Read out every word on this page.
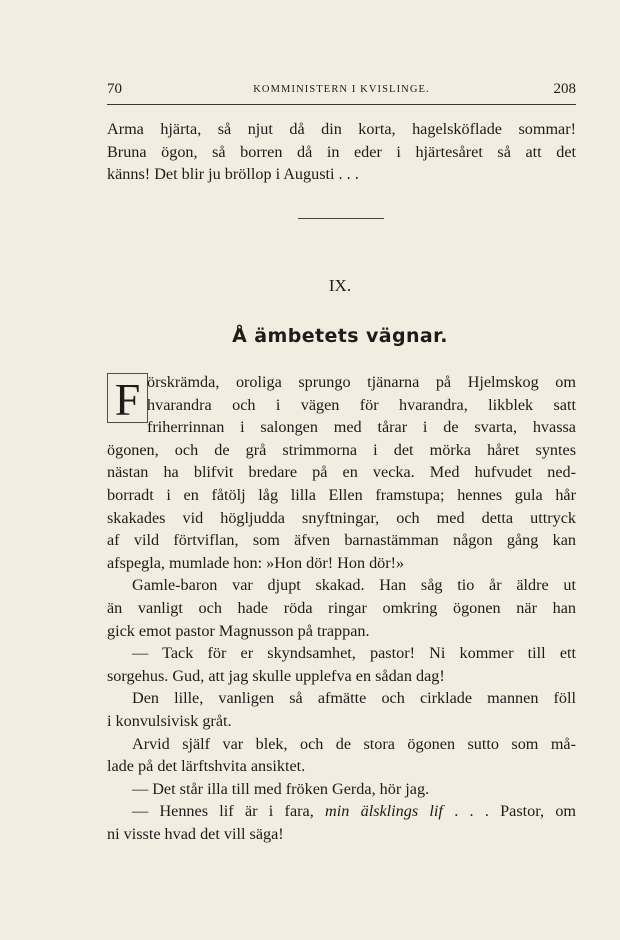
70	KOMMINISTERN I KVISLINGE.	208
Arma hjärta, så njut då din korta, hagelsköflade sommar!
Bruna ögon, så borren då in eder i hjärtesåret så att det
känns! Det blir ju bröllop i Augusti . . .
IX.
Å ämbetets vägnar.
F örskrämda, oroliga sprungo tjänarna på Hjelmskog om
hvarandra och i vägen för hvarandra, likblek satt
friherrinnan i salongen med tårar i de svarta, hvassa
ögonen, och de grå strimmorna i det mörka håret syntes
nästan ha blifvit bredare på en vecka. Med hufvudet ned-
borradt i en fåtölj låg lilla Ellen framstupa; hennes gula hår
skakades vid högljudda snyftningar, och med detta uttryck
af vild förtviflan, som äfven barnastämman någon gång kan
afspegla, mumlade hon: »Hon dör! Hon dör!»
Gamle-baron var djupt skakad. Han såg tio år äldre ut
än vanligt och hade röda ringar omkring ögonen när han
gick emot pastor Magnusson på trappan.
— Tack för er skyndsamhet, pastor! Ni kommer till ett
sorgehus. Gud, att jag skulle upplefva en sådan dag!
Den lille, vanligen så afmätte och cirklade mannen föll
i konvulsivisk gråt.
Arvid själf var blek, och de stora ögonen sutto som må-
lade på det lärftshvita ansiktet.
— Det står illa till med fröken Gerda, hör jag.
— Hennes lif är i fara, min älsklings lif . . . Pastor, om
ni visste hvad det vill säga!
